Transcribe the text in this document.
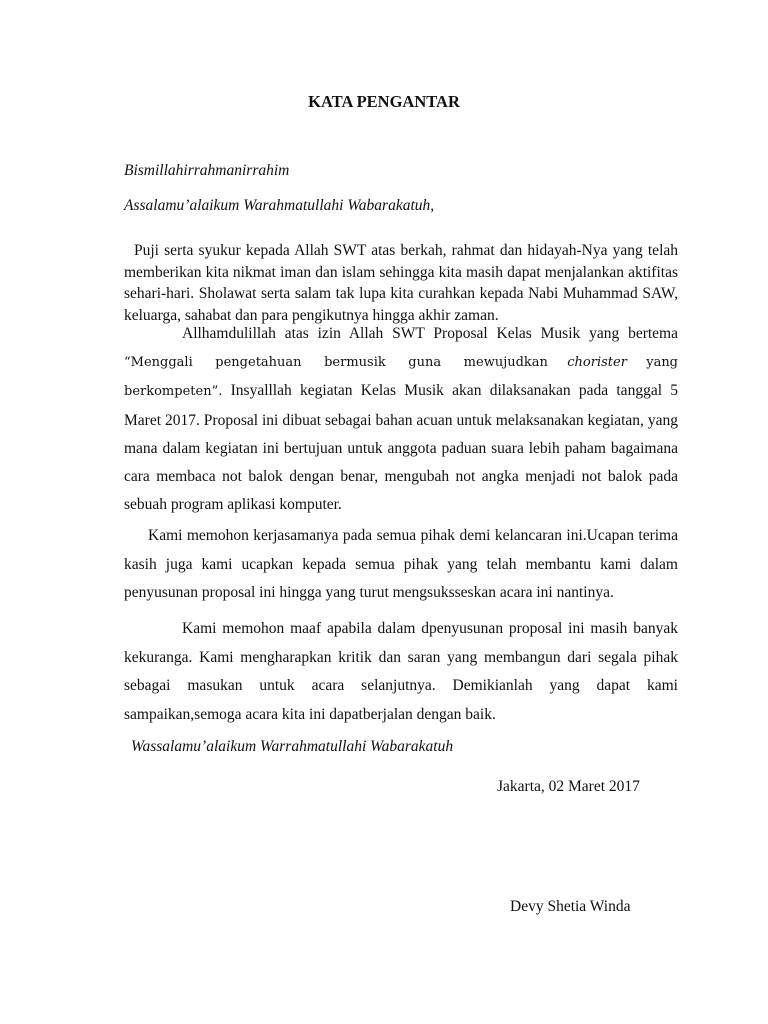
KATA PENGANTAR
Bismillahirrahmanirrahim
Assalamu’alaikum Warahmatullahi Wabarakatuh,
Puji serta syukur kepada Allah SWT atas berkah, rahmat dan hidayah-Nya yang telah memberikan kita nikmat iman dan islam sehingga kita masih dapat menjalankan aktifitas sehari-hari. Sholawat serta salam tak lupa kita curahkan kepada Nabi Muhammad SAW, keluarga, sahabat dan para pengikutnya hingga akhir zaman.
Allhamdulillah atas izin Allah SWT Proposal Kelas Musik yang bertema “Menggali pengetahuan bermusik guna mewujudkan chorister yang berkompeten”. Insyalllah kegiatan Kelas Musik akan dilaksanakan pada tanggal 5 Maret 2017. Proposal ini dibuat sebagai bahan acuan untuk melaksanakan kegiatan, yang mana dalam kegiatan ini bertujuan untuk anggota paduan suara lebih paham bagaimana cara membaca not balok dengan benar, mengubah not angka menjadi not balok pada sebuah program aplikasi komputer.
Kami memohon kerjasamanya pada semua pihak demi kelancaran ini.Ucapan terima kasih juga kami ucapkan kepada semua pihak yang telah membantu kami dalam penyusunan proposal ini hingga yang turut mengsuksseskan acara ini nantinya.
Kami memohon maaf apabila dalam dpenyusunan proposal ini masih banyak kekuranga. Kami mengharapkan kritik dan saran yang membangun dari segala pihak sebagai masukan untuk acara selanjutnya. Demikianlah yang dapat kami sampaikan,semoga acara kita ini dapatberjalan dengan baik.
Wassalamu’alaikum Warrahmatullahi Wabarakatuh
Jakarta, 02 Maret 2017
Devy Shetia Winda
